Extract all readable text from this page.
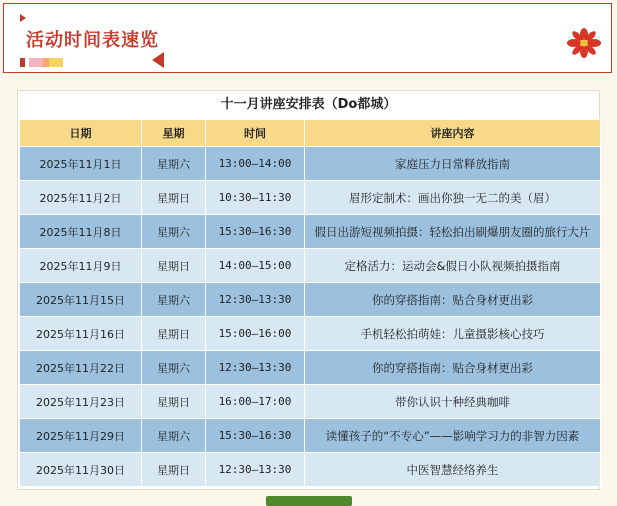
活动时间表速览
十一月讲座安排表（Do都城）
日期	星期	时间	讲座内容
2025年11月1日	星期六	13:00–14:00	家庭压力日常释放指南
2025年11月2日	星期日	10:30–11:30	眉形定制术：画出你独一无二的美（眉）
2025年11月8日	星期六	15:30–16:30	假日出游短视频拍摄：轻松拍出刷爆朋友圈的旅行大片
2025年11月9日	星期日	14:00–15:00	定格活力：运动会&假日小队视频拍摄指南
2025年11月15日	星期六	12:30–13:30	你的穿搭指南：贴合身材更出彩
2025年11月16日	星期日	15:00–16:00	手机轻松拍萌娃：儿童摄影核心技巧
2025年11月22日	星期六	12:30–13:30	你的穿搭指南：贴合身材更出彩
2025年11月23日	星期日	16:00–17:00	带你认识十种经典咖啡
2025年11月29日	星期六	15:30–16:30	读懂孩子的“不专心”——影响学习力的非智力因素
2025年11月30日	星期日	12:30–13:30	中医智慧经络养生
